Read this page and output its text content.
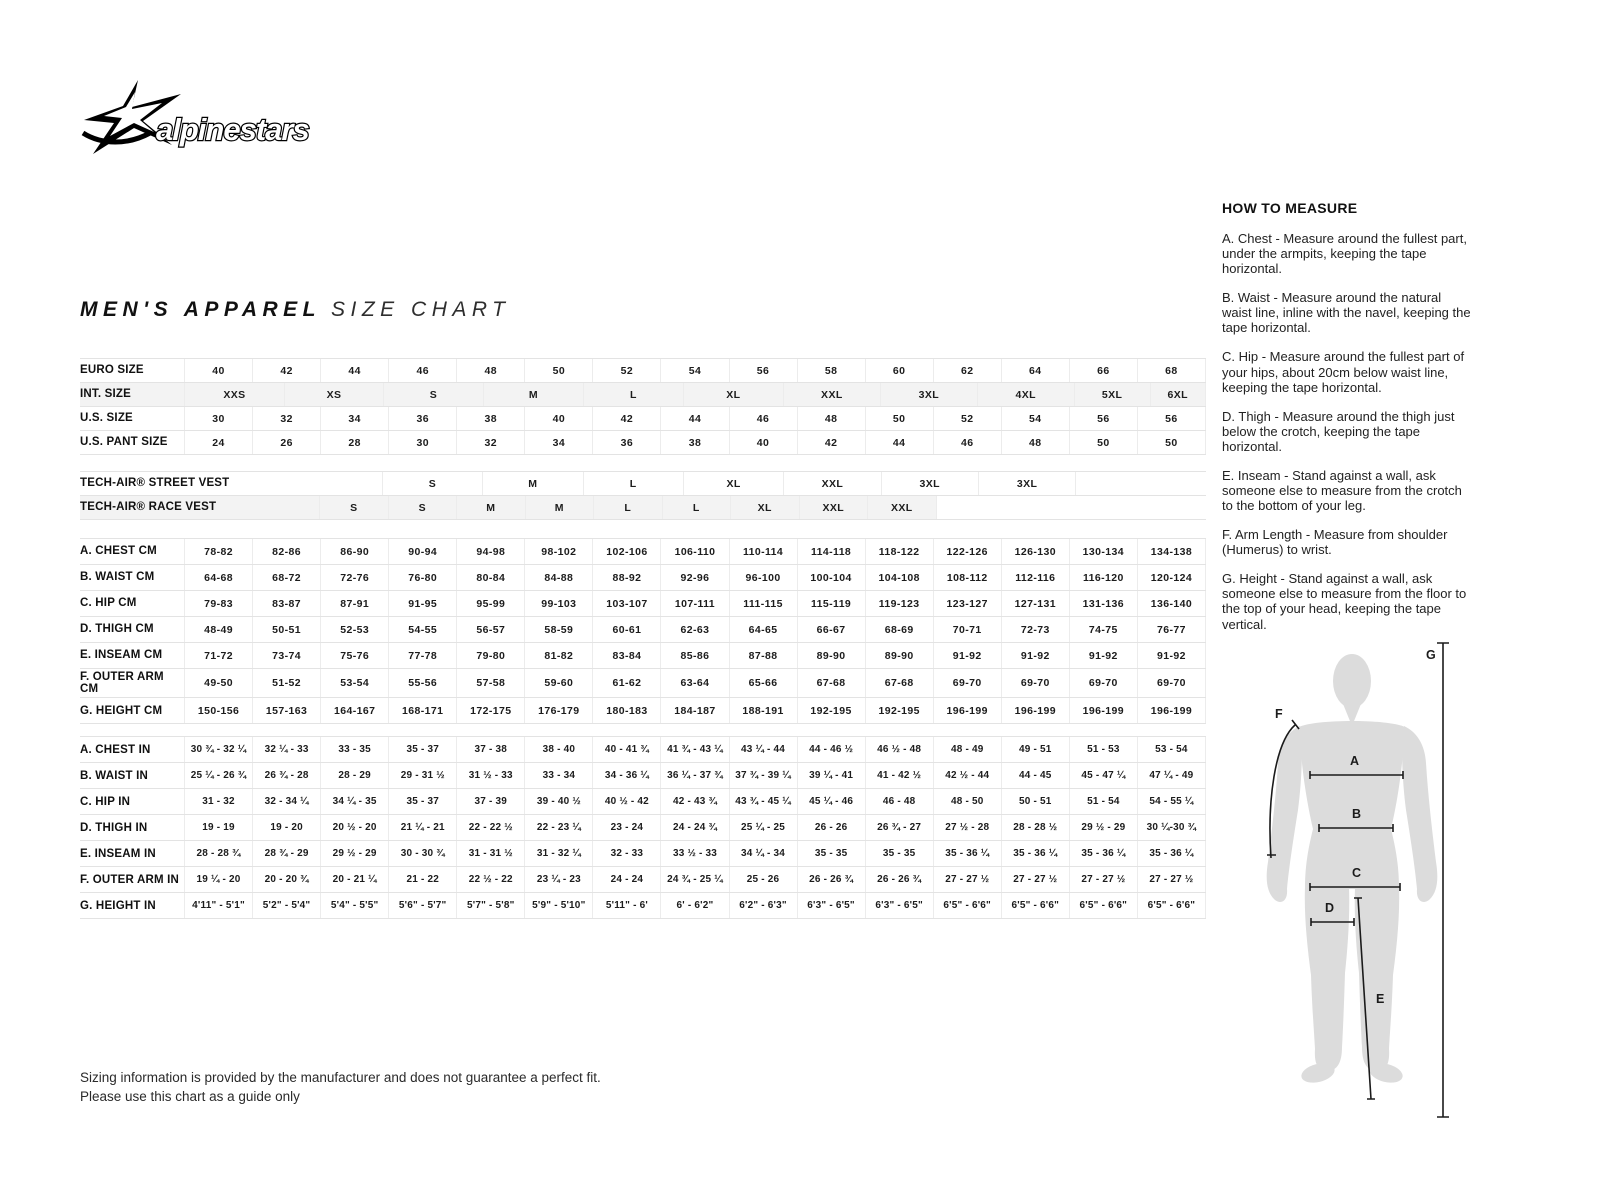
alpinestars
MEN'S APPAREL SIZE CHART
EURO SIZE	40	42	44	46	48	50	52	54	56	58	60	62	64	66	68
INT. SIZE	XXS	XS	S	M	L	XL	XXL	3XL	4XL	5XL	6XL
U.S. SIZE	30	32	34	36	38	40	42	44	46	48	50	52	54	56	56
U.S. PANT SIZE	24	26	28	30	32	34	36	38	40	42	44	46	48	50	50
TECH-AIR® STREET VEST	S	M	L	XL	XXL	3XL	3XL
TECH-AIR® RACE VEST	S	S	M	M	L	L	XL	XXL	XXL
A. CHEST CM	78-82	82-86	86-90	90-94	94-98	98-102	102-106	106-110	110-114	114-118	118-122	122-126	126-130	130-134	134-138
B. WAIST CM	64-68	68-72	72-76	76-80	80-84	84-88	88-92	92-96	96-100	100-104	104-108	108-112	112-116	116-120	120-124
C. HIP CM	79-83	83-87	87-91	91-95	95-99	99-103	103-107	107-111	111-115	115-119	119-123	123-127	127-131	131-136	136-140
D. THIGH CM	48-49	50-51	52-53	54-55	56-57	58-59	60-61	62-63	64-65	66-67	68-69	70-71	72-73	74-75	76-77
E. INSEAM CM	71-72	73-74	75-76	77-78	79-80	81-82	83-84	85-86	87-88	89-90	89-90	91-92	91-92	91-92	91-92
F. OUTER ARM CM	49-50	51-52	53-54	55-56	57-58	59-60	61-62	63-64	65-66	67-68	67-68	69-70	69-70	69-70	69-70
G. HEIGHT CM	150-156	157-163	164-167	168-171	172-175	176-179	180-183	184-187	188-191	192-195	192-195	196-199	196-199	196-199	196-199
A. CHEST IN	30 ¾ - 32 ¼	32 ¼ - 33	33 - 35	35 - 37	37 - 38	38 - 40	40 - 41 ¾	41 ¾ - 43 ¼	43 ¼ - 44	44 - 46 ½	46 ½ - 48	48 - 49	49 - 51	51 - 53	53 - 54
B. WAIST IN	25 ¼ - 26 ¾	26 ¾ - 28	28 - 29	29 - 31 ½	31 ½ - 33	33 - 34	34 - 36 ¼	36 ¼ - 37 ¾	37 ¾ - 39 ¼	39 ¼ - 41	41 - 42 ½	42 ½ - 44	44 - 45	45 - 47 ¼	47 ¼ - 49
C. HIP IN	31 - 32	32 - 34 ¼	34 ¼ - 35	35 - 37	37 - 39	39 - 40 ½	40 ½ - 42	42 - 43 ¾	43 ¾ - 45 ¼	45 ¼ - 46	46 - 48	48 - 50	50 - 51	51 - 54	54 - 55 ¼
D. THIGH IN	19 - 19	19 - 20	20 ½ - 20	21 ¼ - 21	22 - 22 ½	22 - 23 ¼	23 - 24	24 - 24 ¾	25 ¼ - 25	26 - 26	26 ¾ - 27	27 ½ - 28	28 - 28 ½	29 ½ - 29	30 ¼-30 ¾
E. INSEAM IN	28 - 28 ¾	28 ¾ - 29	29 ½ - 29	30 - 30 ¾	31 - 31 ½	31 - 32 ¼	32 - 33	33 ½ - 33	34 ¼ - 34	35 - 35	35 - 35	35 - 36 ¼	35 - 36 ¼	35 - 36 ¼	35 - 36 ¼
F. OUTER ARM IN	19 ¼ - 20	20 - 20 ¾	20 - 21 ¼	21 - 22	22 ½ - 22	23 ¼ - 23	24 - 24	24 ¾ - 25 ¼	25 - 26	26 - 26 ¾	26 - 26 ¾	27 - 27 ½	27 - 27 ½	27 - 27 ½	27 - 27 ½
G. HEIGHT IN	4'11" - 5'1"	5'2" - 5'4"	5'4" - 5'5"	5'6" - 5'7"	5'7" - 5'8"	5'9" - 5'10"	5'11" - 6'	6' - 6'2"	6'2" - 6'3"	6'3" - 6'5"	6'3" - 6'5"	6'5" - 6'6"	6'5" - 6'6"	6'5" - 6'6"	6'5" - 6'6"
HOW TO MEASURE

A. Chest - Measure around the fullest part, under the armpits, keeping the tape horizontal.

B. Waist - Measure around the natural waist line, inline with the navel, keeping the tape horizontal.

C. Hip - Measure around the fullest part of your hips, about 20cm below waist line, keeping the tape horizontal.

D. Thigh - Measure around the thigh just below the crotch, keeping the tape horizontal.

E. Inseam - Stand against a wall, ask someone else to measure from the crotch to the bottom of your leg.

F. Arm Length - Measure from shoulder (Humerus) to wrist.

G. Height - Stand against a wall, ask someone else to measure from the floor to the top of your head, keeping the tape vertical.

A
B
C
D
E
F
G
Sizing information is provided by the manufacturer and does not guarantee a perfect fit.
Please use this chart as a guide only
